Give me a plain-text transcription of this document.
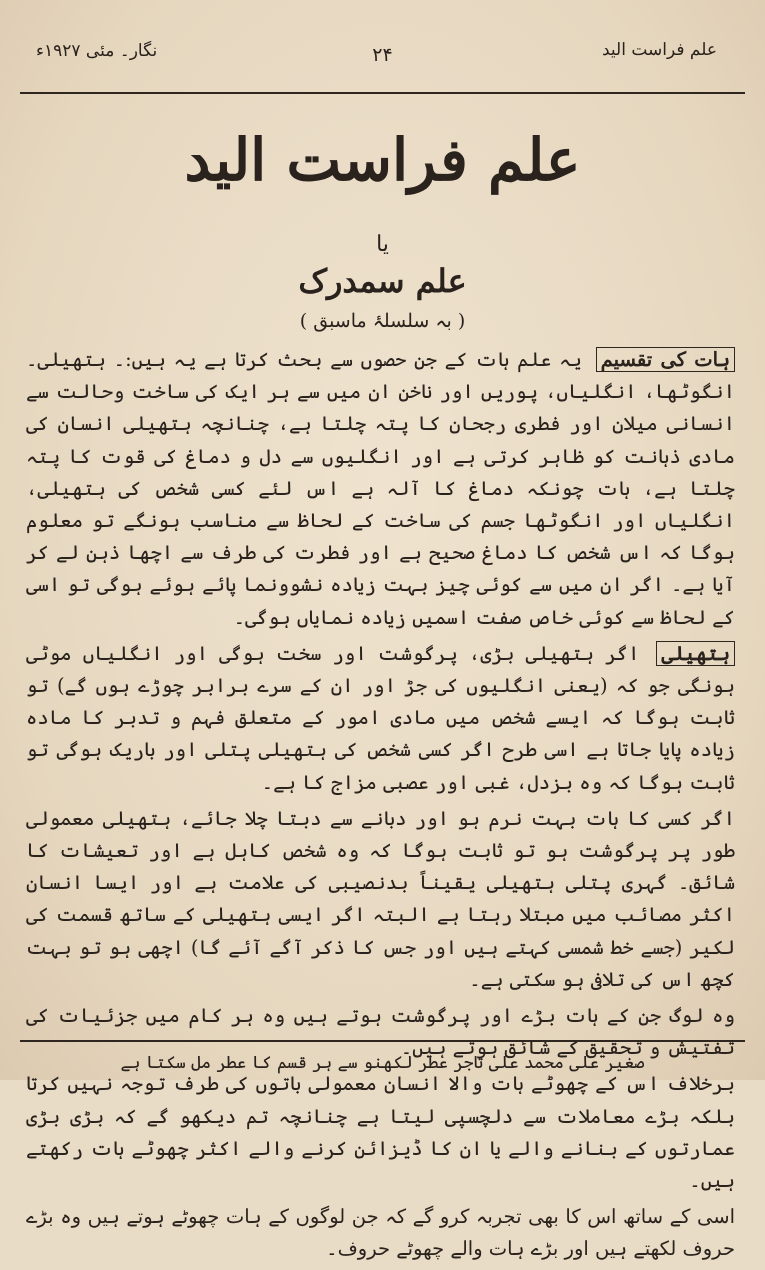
نگار۔ مئی ۱۹۲۷ء	۲۴	علم فراست الید
علم فراست الید
یا
علم سمدرک
( بہ سلسلۂ ماسبق )

ہات کی تقسیم یہ علم ہات کے جن حصوں سے بحث کرتا ہے یہ ہیں:۔ ہتھیلی۔ انگوٹھا، انگلیاں، پوریں اور ناخن ان میں سے ہر ایک کی ساخت وحالت سے انسانی میلان اور فطری رجحان کا پتہ چلتا ہے، چنانچہ ہتھیلی انسان کی مادی ذہانت کو ظاہر کرتی ہے اور انگلیوں سے دل و دماغ کی قوت کا پتہ چلتا ہے، ہات چونکہ دماغ کا آلہ ہے اس لئے کسی شخص کی ہتھیلی، انگلیاں اور انگوٹھا جسم کی ساخت کے لحاظ سے مناسب ہونگے تو معلوم ہوگا کہ اس شخص کا دماغ صحیح ہے اور فطرت کی طرف سے اچھا ذہن لے کر آیا ہے۔ اگر ان میں سے کوئی چیز بہت زیادہ نشوونما پائے ہوئے ہوگی تو اسی کے لحاظ سے کوئی خاص صفت اسمیں زیادہ نمایاں ہوگی۔

ہتھیلی اگر ہتھیلی بڑی، پرگوشت اور سخت ہوگی اور انگلیاں موٹی ہونگی جو کہ (یعنی انگلیوں کی جڑ اور ان کے سرے برابر چوڑے ہوں گے) تو ثابت ہوگا کہ ایسے شخص میں مادی امور کے متعلق فہم و تدبر کا مادہ زیادہ پایا جاتا ہے اسی طرح اگر کسی شخص کی ہتھیلی پتلی اور باریک ہوگی تو ثابت ہوگا کہ وہ بزدل، غبی اور عصبی مزاج کا ہے۔

اگر کسی کا ہات بہت نرم ہو اور دبانے سے دبتا چلا جائے، ہتھیلی معمولی طور پر پرگوشت ہو تو ثابت ہوگا کہ وہ شخص کاہل ہے اور تعیشات کا شائق۔ گہری پتلی ہتھیلی یقیناً بدنصیبی کی علامت ہے اور ایسا انسان اکثر مصائب میں مبتلا رہتا ہے البتہ اگر ایسی ہتھیلی کے ساتھ قسمت کی لکیر (جسے خط شمسی کہتے ہیں اور جس کا ذکر آگے آئے گا) اچھی ہو تو بہت کچھ اس کی تلافی ہو سکتی ہے۔

وہ لوگ جن کے ہات بڑے اور پرگوشت ہوتے ہیں وہ ہر کام میں جزئیات کی تفتیش و تحقیق کے شائق ہوتے ہیں۔

برخلاف اس کے چھوٹے ہات والا انسان معمولی باتوں کی طرف توجہ نہیں کرتا بلکہ بڑے معاملات سے دلچسپی لیتا ہے چنانچہ تم دیکھو گے کہ بڑی بڑی عمارتوں کے بنانے والے یا ان کا ڈیزائن کرنے والے اکثر چھوٹے ہات رکھتے ہیں۔

اسی کے ساتھ اس کا بھی تجربہ کرو گے کہ جن لوگوں کے ہات چھوٹے ہوتے ہیں وہ بڑے حروف لکھتے ہیں اور بڑے ہات والے چھوٹے حروف۔

صغیر علی محمد علی تاجر عطر لکھنو سے ہر قسم کا عطر مل سکتا ہے
